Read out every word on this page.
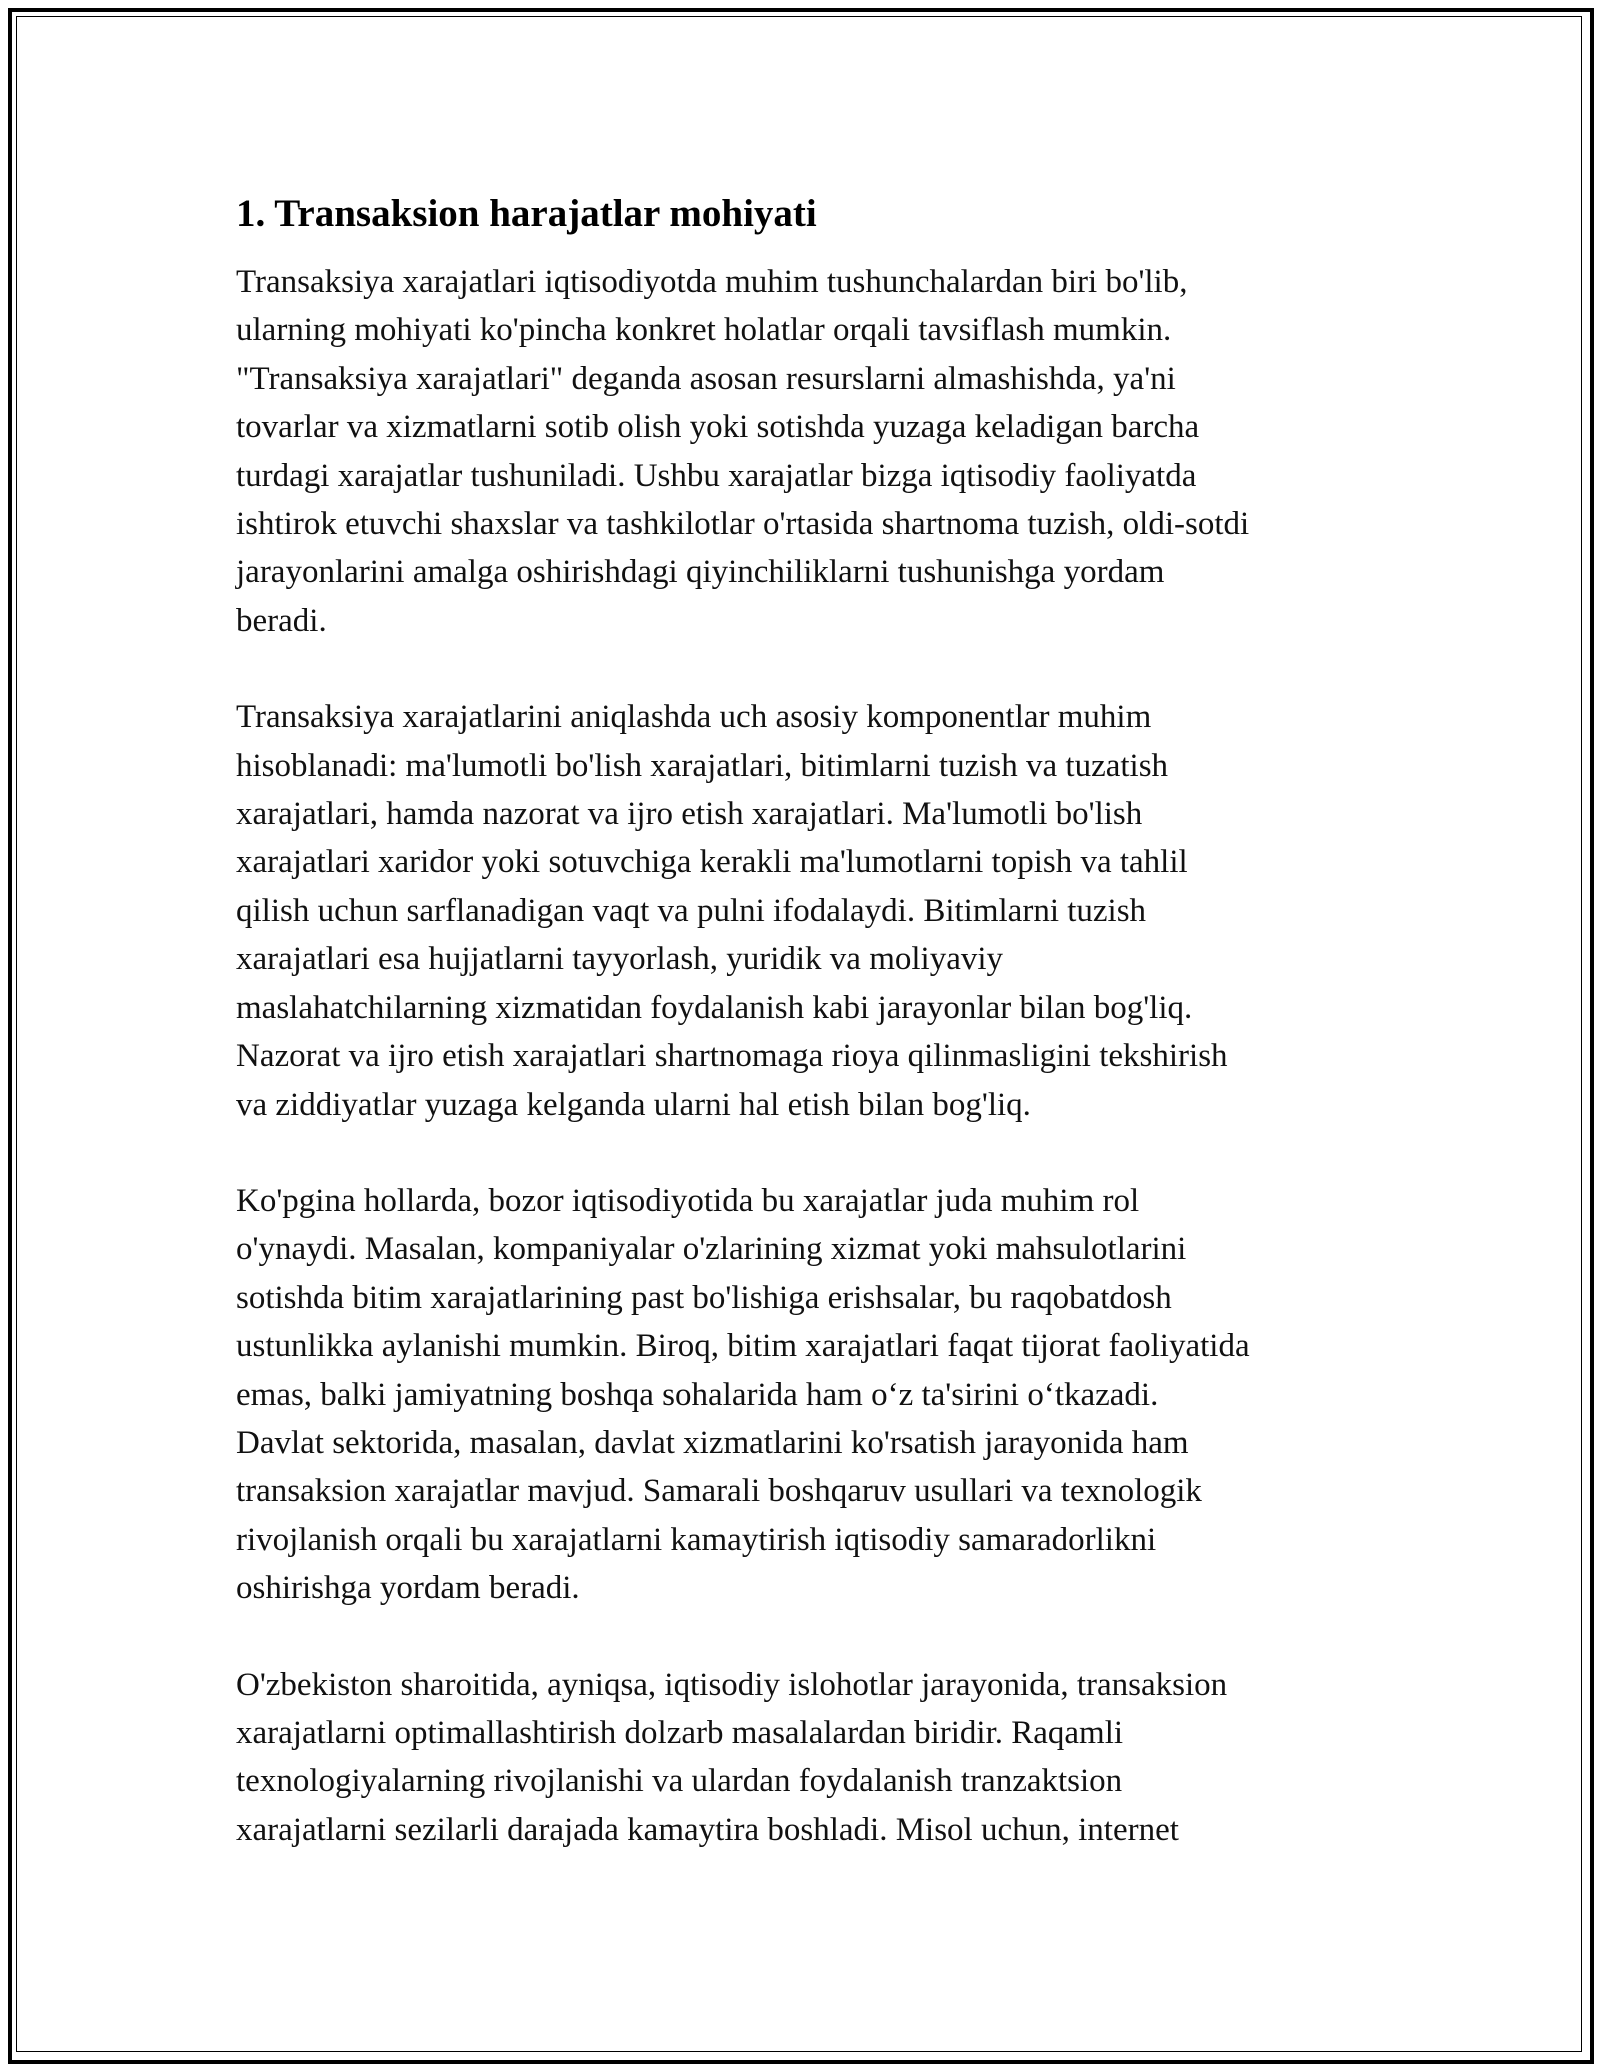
1. Transaksion harajatlar mohiyati

Transaksiya xarajatlari iqtisodiyotda muhim tushunchalardan biri bo'lib,
ularning mohiyati ko'pincha konkret holatlar orqali tavsiflash mumkin.
"Transaksiya xarajatlari" deganda asosan resurslarni almashishda, ya'ni
tovarlar va xizmatlarni sotib olish yoki sotishda yuzaga keladigan barcha
turdagi xarajatlar tushuniladi. Ushbu xarajatlar bizga iqtisodiy faoliyatda
ishtirok etuvchi shaxslar va tashkilotlar o'rtasida shartnoma tuzish, oldi-sotdi
jarayonlarini amalga oshirishdagi qiyinchiliklarni tushunishga yordam
beradi.

Transaksiya xarajatlarini aniqlashda uch asosiy komponentlar muhim
hisoblanadi: ma'lumotli bo'lish xarajatlari, bitimlarni tuzish va tuzatish
xarajatlari, hamda nazorat va ijro etish xarajatlari. Ma'lumotli bo'lish
xarajatlari xaridor yoki sotuvchiga kerakli ma'lumotlarni topish va tahlil
qilish uchun sarflanadigan vaqt va pulni ifodalaydi. Bitimlarni tuzish
xarajatlari esa hujjatlarni tayyorlash, yuridik va moliyaviy
maslahatchilarning xizmatidan foydalanish kabi jarayonlar bilan bog'liq.
Nazorat va ijro etish xarajatlari shartnomaga rioya qilinmasligini tekshirish
va ziddiyatlar yuzaga kelganda ularni hal etish bilan bog'liq.

Ko'pgina hollarda, bozor iqtisodiyotida bu xarajatlar juda muhim rol
o'ynaydi. Masalan, kompaniyalar o'zlarining xizmat yoki mahsulotlarini
sotishda bitim xarajatlarining past bo'lishiga erishsalar, bu raqobatdosh
ustunlikka aylanishi mumkin. Biroq, bitim xarajatlari faqat tijorat faoliyatida
emas, balki jamiyatning boshqa sohalarida ham o‘z ta'sirini o‘tkazadi.
Davlat sektorida, masalan, davlat xizmatlarini ko'rsatish jarayonida ham
transaksion xarajatlar mavjud. Samarali boshqaruv usullari va texnologik
rivojlanish orqali bu xarajatlarni kamaytirish iqtisodiy samaradorlikni
oshirishga yordam beradi.

O'zbekiston sharoitida, ayniqsa, iqtisodiy islohotlar jarayonida, transaksion
xarajatlarni optimallashtirish dolzarb masalalardan biridir. Raqamli
texnologiyalarning rivojlanishi va ulardan foydalanish tranzaktsion
xarajatlarni sezilarli darajada kamaytira boshladi. Misol uchun, internet
